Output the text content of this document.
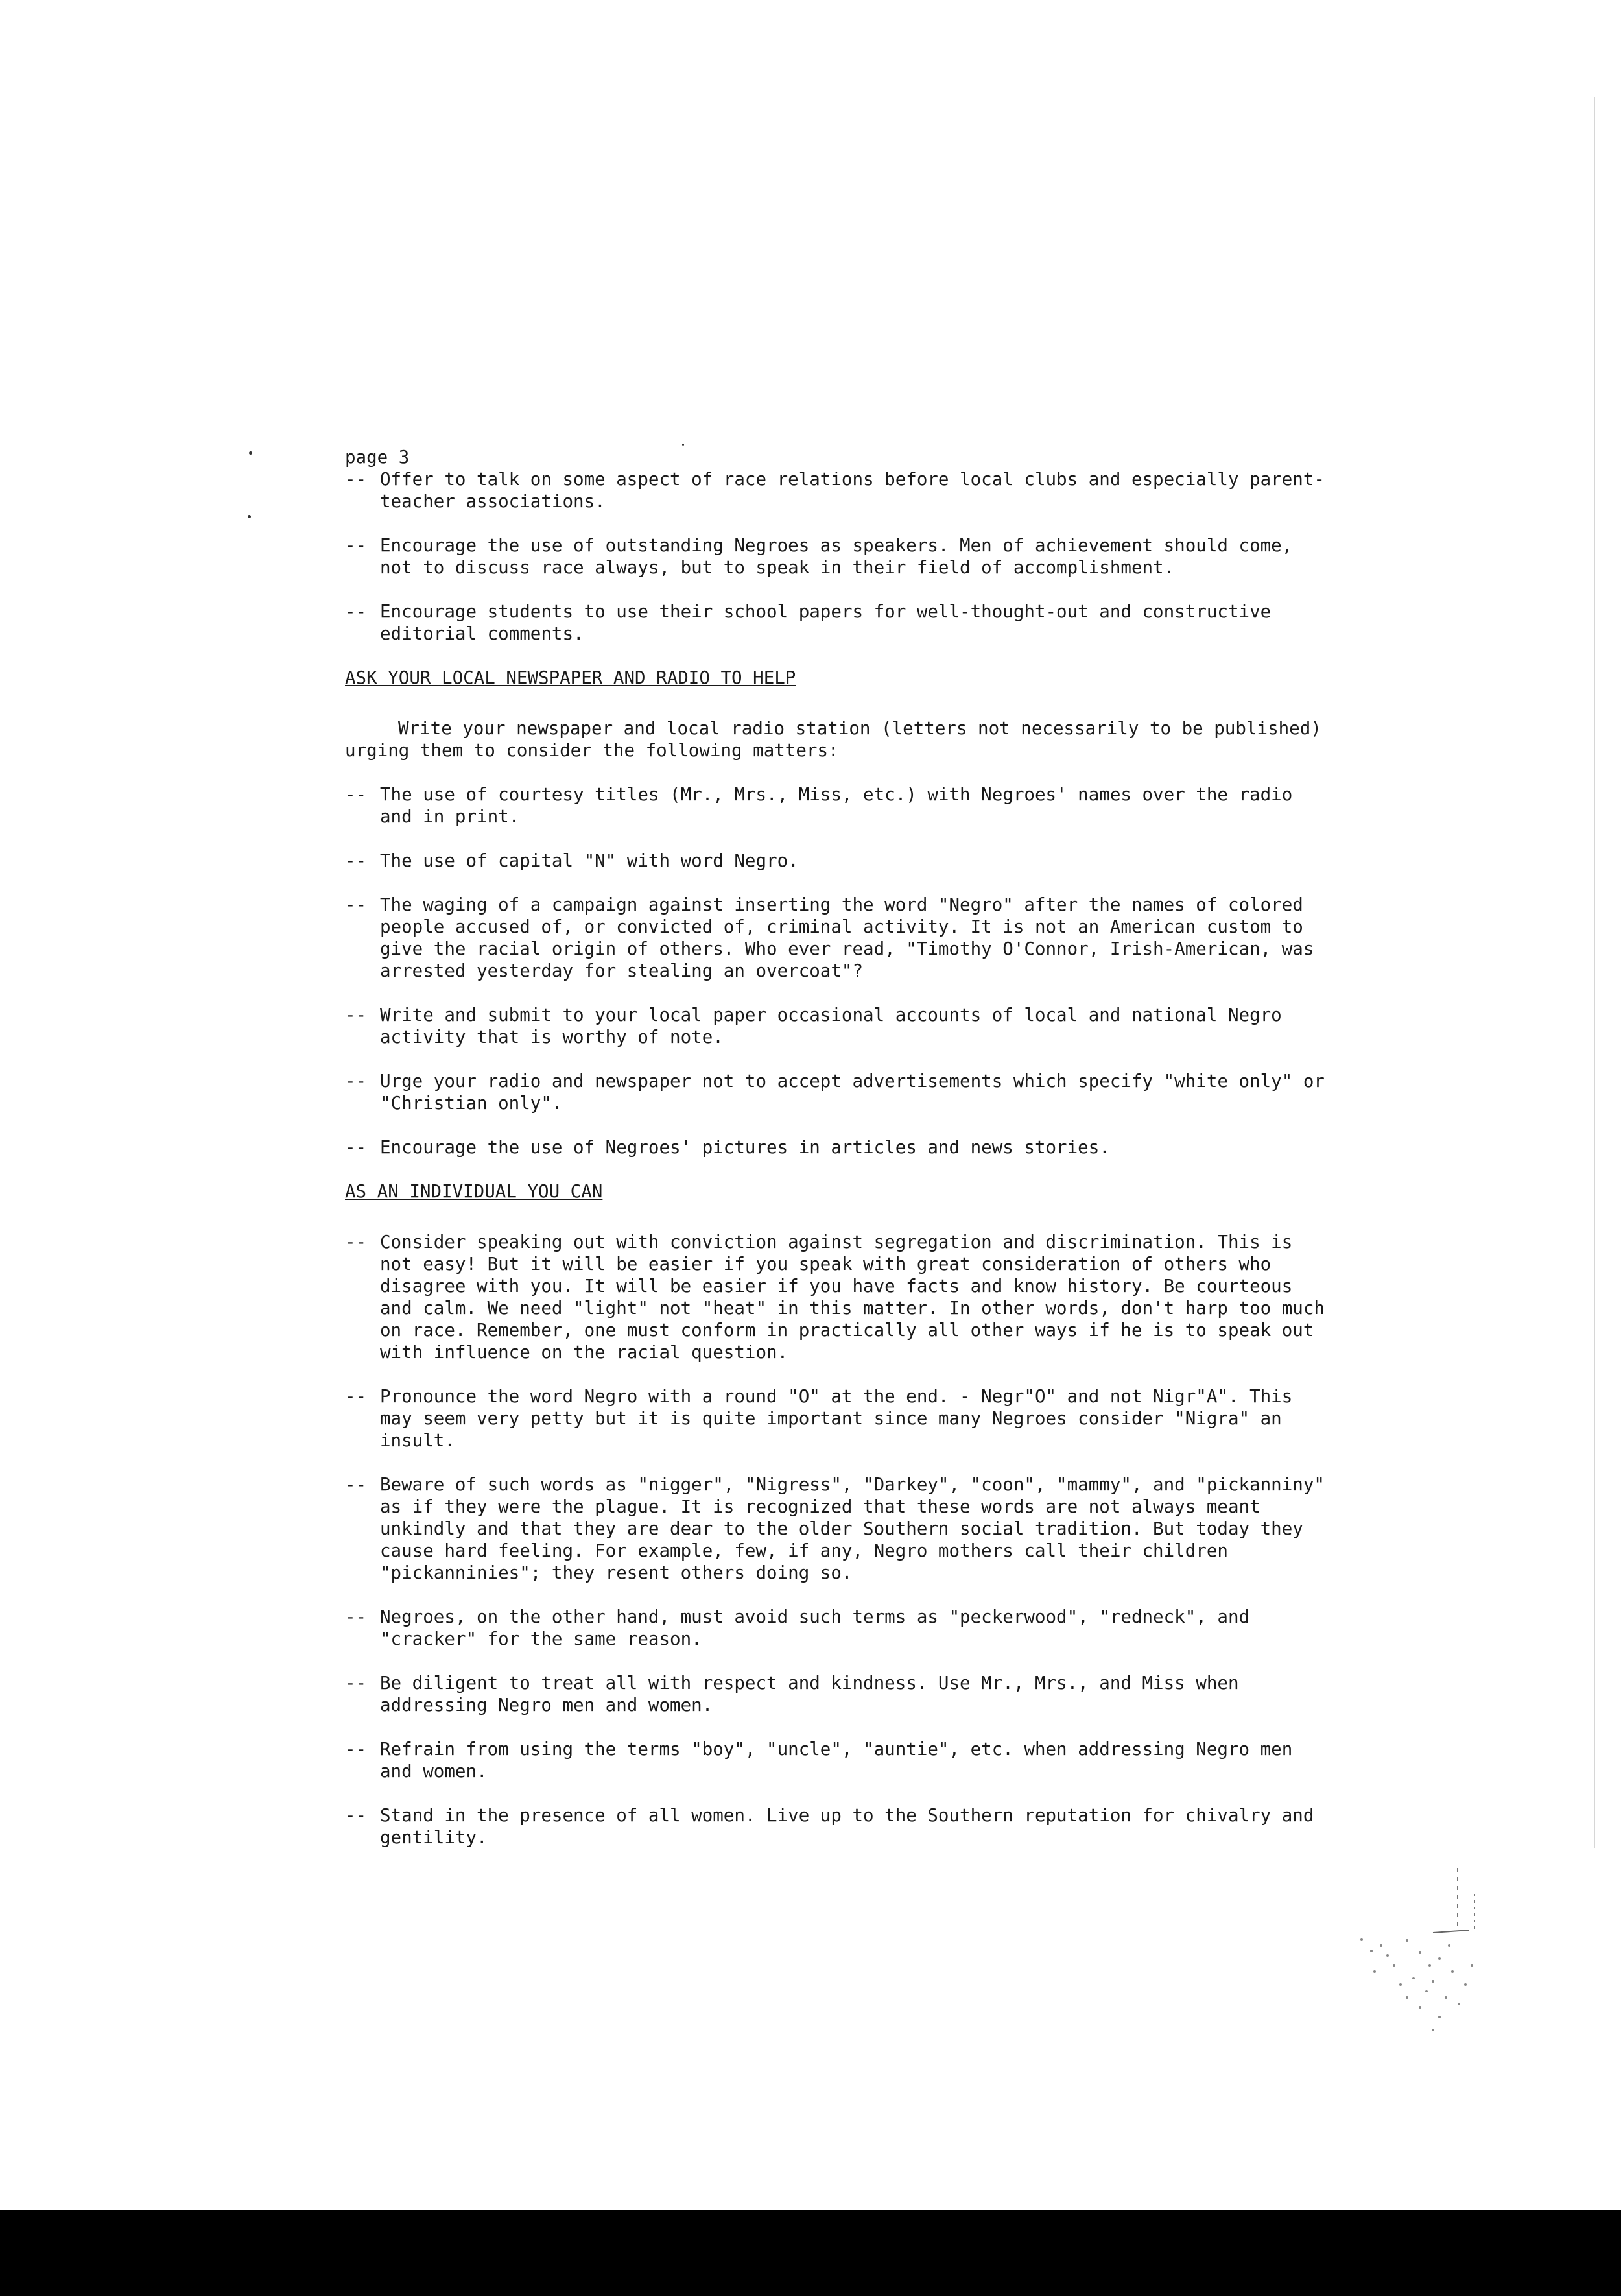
page 3
-- Offer to talk on some aspect of race relations before local clubs and especially parent-teacher associations.
-- Encourage the use of outstanding Negroes as speakers. Men of achievement should come, not to discuss race always, but to speak in their field of accomplishment.
-- Encourage students to use their school papers for well-thought-out and constructive editorial comments.
ASK YOUR LOCAL NEWSPAPER AND RADIO TO HELP
Write your newspaper and local radio station (letters not necessarily to be published) urging them to consider the following matters:
-- The use of courtesy titles (Mr., Mrs., Miss, etc.) with Negroes' names over the radio and in print.
-- The use of capital "N" with word Negro.
-- The waging of a campaign against inserting the word "Negro" after the names of colored people accused of, or convicted of, criminal activity. It is not an American custom to give the racial origin of others. Who ever read, "Timothy O'Connor, Irish-American, was arrested yesterday for stealing an overcoat"?
-- Write and submit to your local paper occasional accounts of local and national Negro activity that is worthy of note.
-- Urge your radio and newspaper not to accept advertisements which specify "white only" or "Christian only".
-- Encourage the use of Negroes' pictures in articles and news stories.
AS AN INDIVIDUAL YOU CAN
-- Consider speaking out with conviction against segregation and discrimination. This is not easy! But it will be easier if you speak with great consideration of others who disagree with you. It will be easier if you have facts and know history. Be courteous and calm. We need "light" not "heat" in this matter. In other words, don't harp too much on race. Remember, one must conform in practically all other ways if he is to speak out with influence on the racial question.
-- Pronounce the word Negro with a round "O" at the end. - Negr"O" and not Nigr"A". This may seem very petty but it is quite important since many Negroes consider "Nigra" an insult.
-- Beware of such words as "nigger", "Nigress", "Darkey", "coon", "mammy", and "pickanniny" as if they were the plague. It is recognized that these words are not always meant unkindly and that they are dear to the older Southern social tradition. But today they cause hard feeling. For example, few, if any, Negro mothers call their children "pickanninies"; they resent others doing so.
-- Negroes, on the other hand, must avoid such terms as "peckerwood", "redneck", and "cracker" for the same reason.
-- Be diligent to treat all with respect and kindness. Use Mr., Mrs., and Miss when addressing Negro men and women.
-- Refrain from using the terms "boy", "uncle", "auntie", etc. when addressing Negro men and women.
-- Stand in the presence of all women. Live up to the Southern reputation for chivalry and gentility.
